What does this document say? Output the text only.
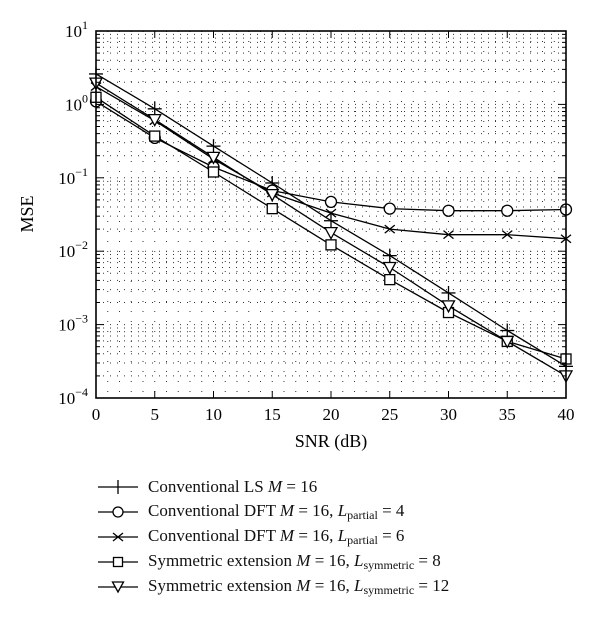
0	5	10 15 20 25 30 35 40
$10^1$
$10^0$
$10^{-1}$
$10^{-2}$
$10^{-3}$
$10^{-4}$
SNR (dB)
MSE
Conventional LS M = 16
Conventional DFT M = 16, $L_{partial} = 4$
Conventional DFT M = 16, $L_{partial} = 6$
Symmetric extension M = 16, $L_{symmetric} = 8$
Symmetric extension M = 16, $L_{symmetric} = 12$
